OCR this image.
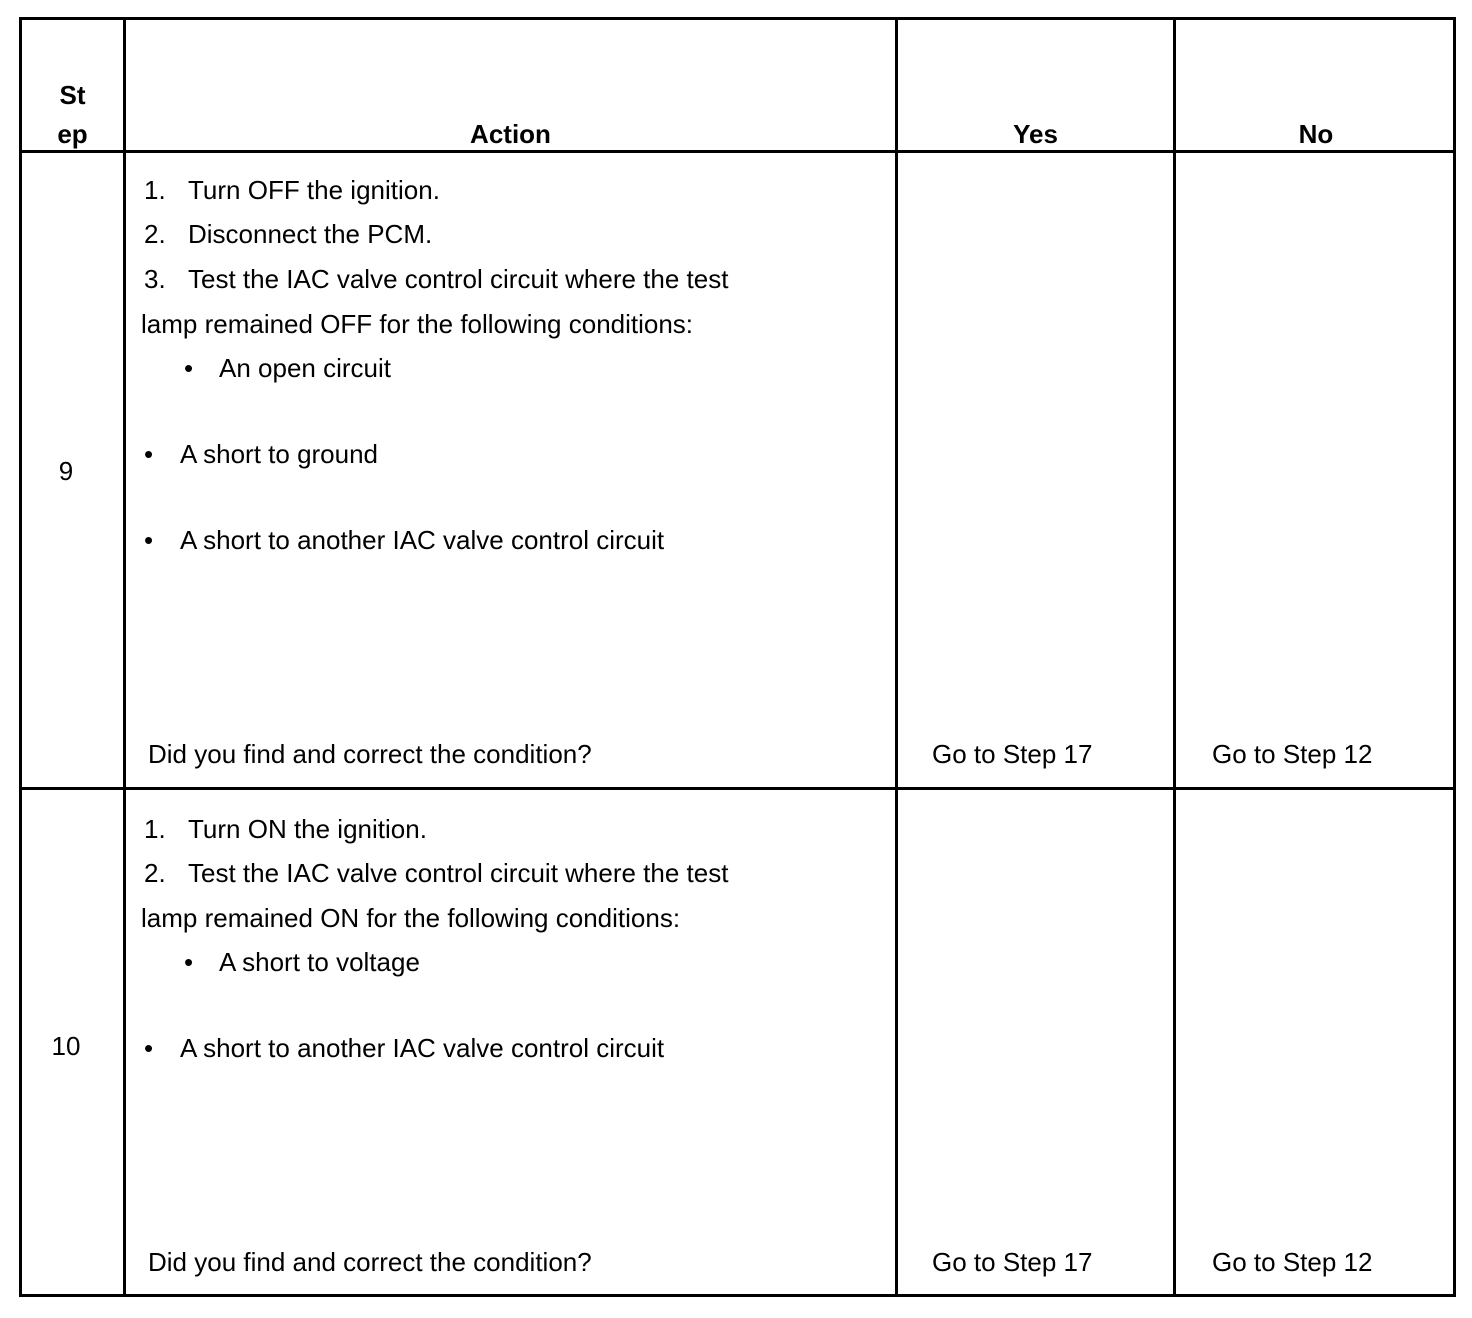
St
ep	Action	Yes	No
9
1. Turn OFF the ignition.
2. Disconnect the PCM.
3. Test the IAC valve control circuit where the test
lamp remained OFF for the following conditions:
• An open circuit
• A short to ground
• A short to another IAC valve control circuit
Did you find and correct the condition?	Go to Step 17	Go to Step 12
10
1. Turn ON the ignition.
2. Test the IAC valve control circuit where the test
lamp remained ON for the following conditions:
• A short to voltage
• A short to another IAC valve control circuit
Did you find and correct the condition?	Go to Step 17	Go to Step 12
